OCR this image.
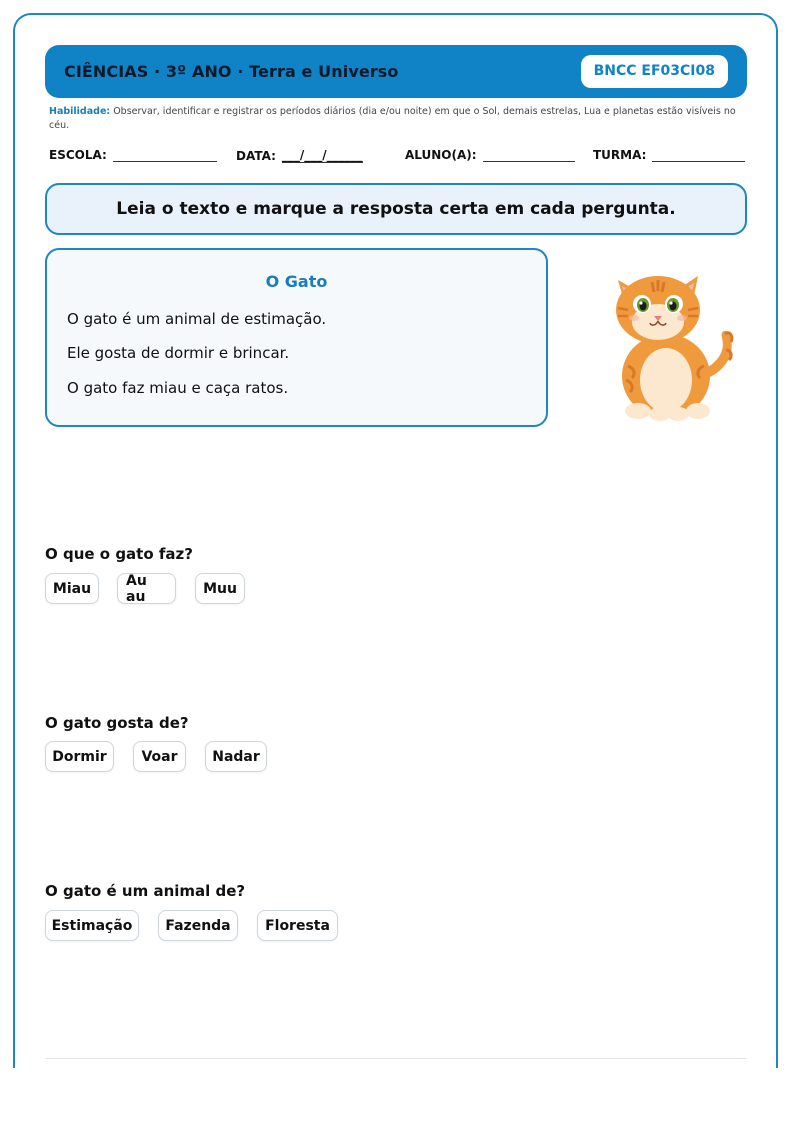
CIÊNCIAS · 3º ANO · Terra e Universo	BNCC EF03CI08
Habilidade: Observar, identificar e registrar os períodos diários (dia e/ou noite) em que o Sol, demais estrelas, Lua e planetas estão visíveis no céu.
ESCOLA:	DATA: ___/___/______	ALUNO(A):	TURMA:
Leia o texto e marque a resposta certa em cada pergunta.
O Gato
O gato é um animal de estimação.
Ele gosta de dormir e brincar.
O gato faz miau e caça ratos.
O que o gato faz?
Miau	Au au	Muu
O gato gosta de?
Dormir	Voar	Nadar
O gato é um animal de?
Estimação	Fazenda	Floresta
